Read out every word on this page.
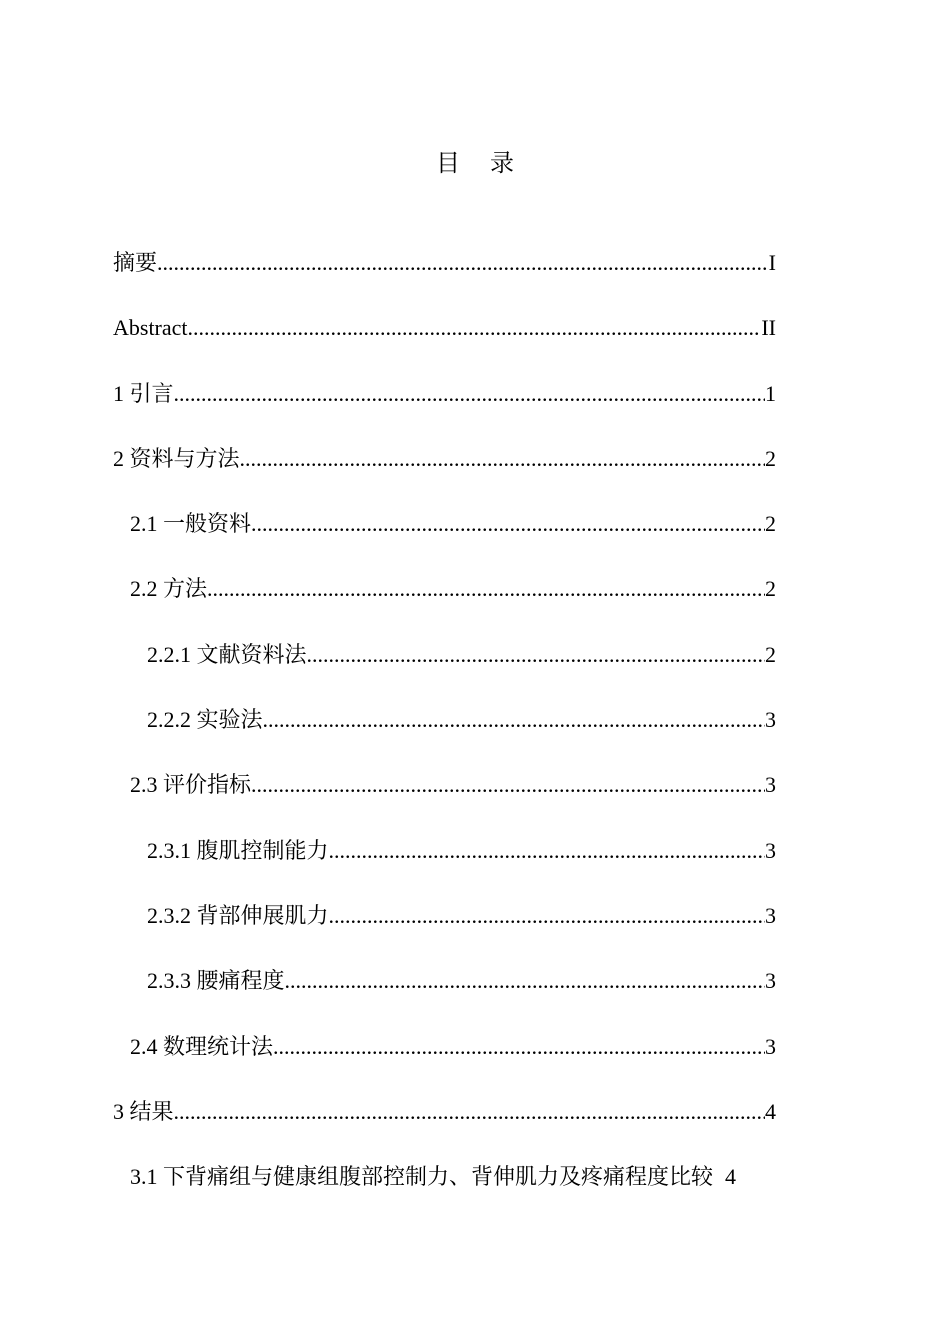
目 录
摘要 .....	I
Abstract .....	II
1 引言 .....	1
2 资料与方法 .....	2
2.1 一般资料 .....	2
2.2 方法 .....	2
2.2.1 文献资料法 .....	2
2.2.2 实验法 .....	3
2.3 评价指标 .....	3
2.3.1 腹肌控制能力 .....	3
2.3.2 背部伸展肌力 .....	3
2.3.3 腰痛程度 .....	3
2.4 数理统计法 .....	3
3 结果 .....	4
3.1 下背痛组与健康组腹部控制力、背伸肌力及疼痛程度比较 4
